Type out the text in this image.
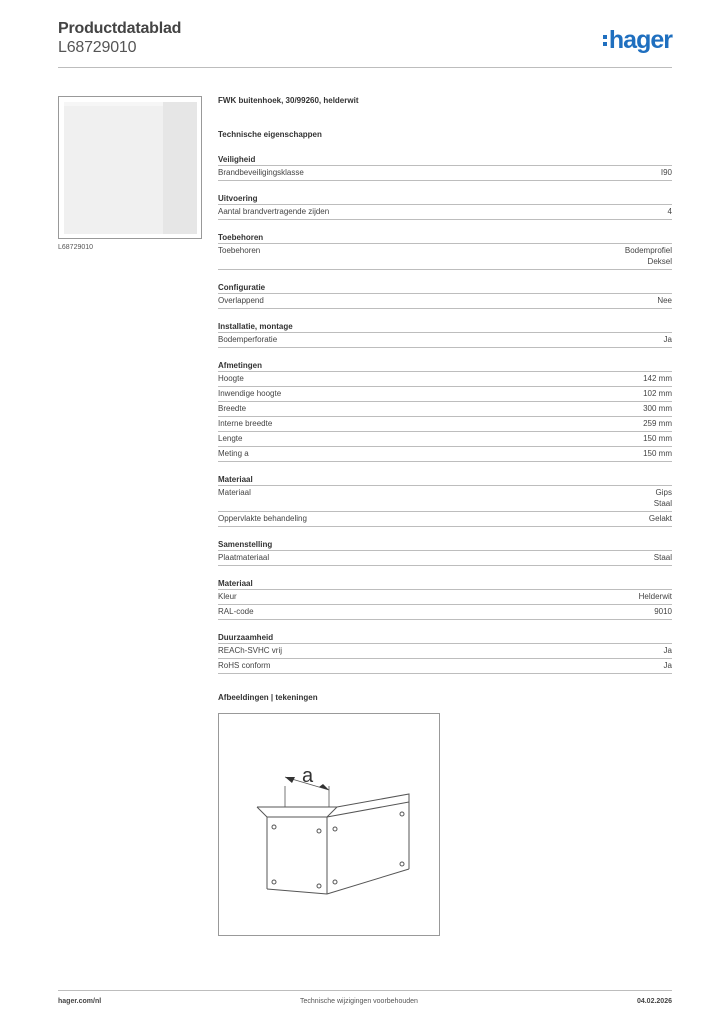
Productdatablad
L68729010	hager
L68729010
FWK buitenhoek, 30/99260, helderwit
Technische eigenschappen
Veiligheid
Brandbeveiligingsklasse	I90
Uitvoering
Aantal brandvertragende zijden	4
Toebehoren
Toebehoren	Bodemprofiel
Deksel
Configuratie
Overlappend	Nee
Installatie, montage
Bodemperforatie	Ja
Afmetingen
Hoogte	142 mm
Inwendige hoogte	102 mm
Breedte	300 mm
Interne breedte	259 mm
Lengte	150 mm
Meting a	150 mm
Materiaal
Materiaal	Gips
Staal
Oppervlakte behandeling	Gelakt
Samenstelling
Plaatmateriaal	Staal
Materiaal
Kleur	Helderwit
RAL-code	9010
Duurzaamheid
REACh-SVHC vrij	Ja
RoHS conform	Ja
Afbeeldingen | tekeningen
a
hager.com/nl	Technische wijzigingen voorbehouden	04.02.2026
